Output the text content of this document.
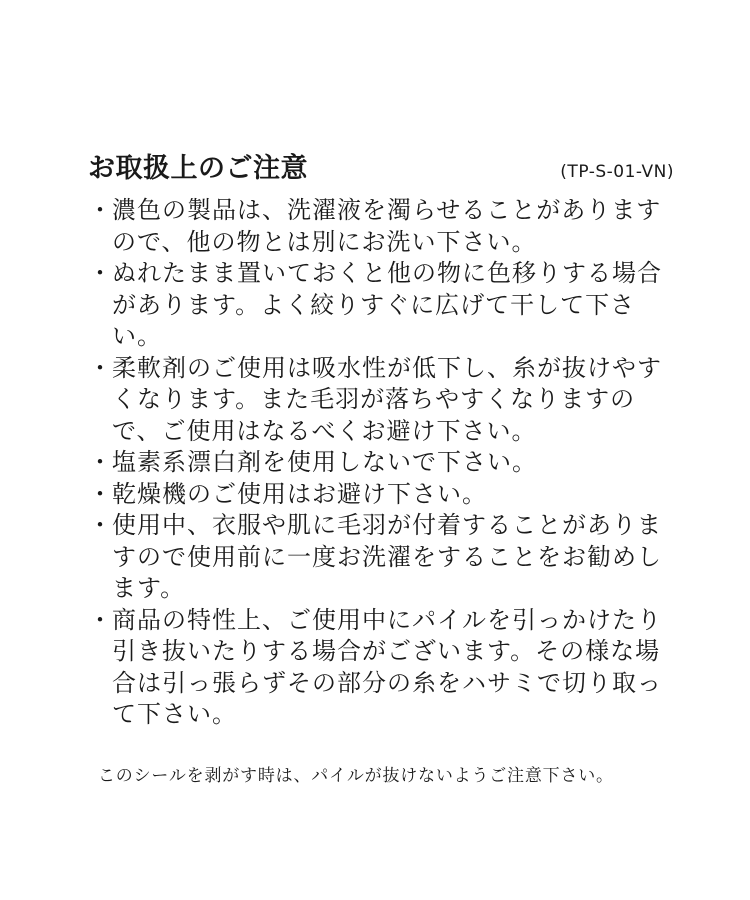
お取扱上のご注意	(TP-S-01-VN)
・ 濃色の製品は、洗濯液を濁らせることがありますので、他の物とは別にお洗い下さい。
・ ぬれたまま置いておくと他の物に色移りする場合があります。よく絞りすぐに広げて干して下さい。
・ 柔軟剤のご使用は吸水性が低下し、糸が抜けやすくなります。また毛羽が落ちやすくなりますので、ご使用はなるべくお避け下さい。
・ 塩素系漂白剤を使用しないで下さい。
・ 乾燥機のご使用はお避け下さい。
・ 使用中、衣服や肌に毛羽が付着することがありますので使用前に一度お洗濯をすることをお勧めします。
・ 商品の特性上、ご使用中にパイルを引っかけたり引き抜いたりする場合がございます。その様な場合は引っ張らずその部分の糸をハサミで切り取って下さい。
このシールを剥がす時は、パイルが抜けないようご注意下さい。
